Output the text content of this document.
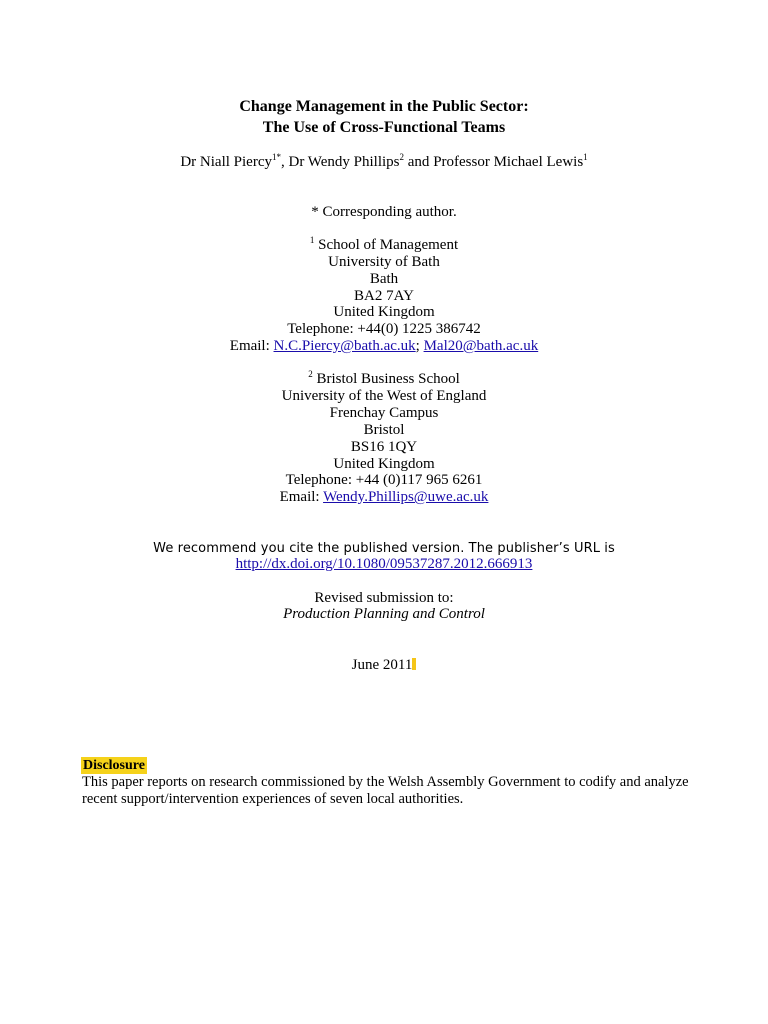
Change Management in the Public Sector:
The Use of Cross-Functional Teams
Dr Niall Piercy$^{1*}$, Dr Wendy Phillips$^2$ and Professor Michael Lewis$^1$
* Corresponding author.
$^1$ School of Management
University of Bath
Bath
BA2 7AY
United Kingdom
Telephone: +44(0) 1225 386742
Email: N.C.Piercy@bath.ac.uk; Mal20@bath.ac.uk
$^2$ Bristol Business School
University of the West of England
Frenchay Campus
Bristol
BS16 1QY
United Kingdom
Telephone: +44 (0)117 965 6261
Email: Wendy.Phillips@uwe.ac.uk
We recommend you cite the published version. The publisher’s URL is
http://dx.doi.org/10.1080/09537287.2012.666913
Revised submission to:
Production Planning and Control
June 2011
Disclosure
This paper reports on research commissioned by the Welsh Assembly Government to codify and analyze recent support/intervention experiences of seven local authorities.
